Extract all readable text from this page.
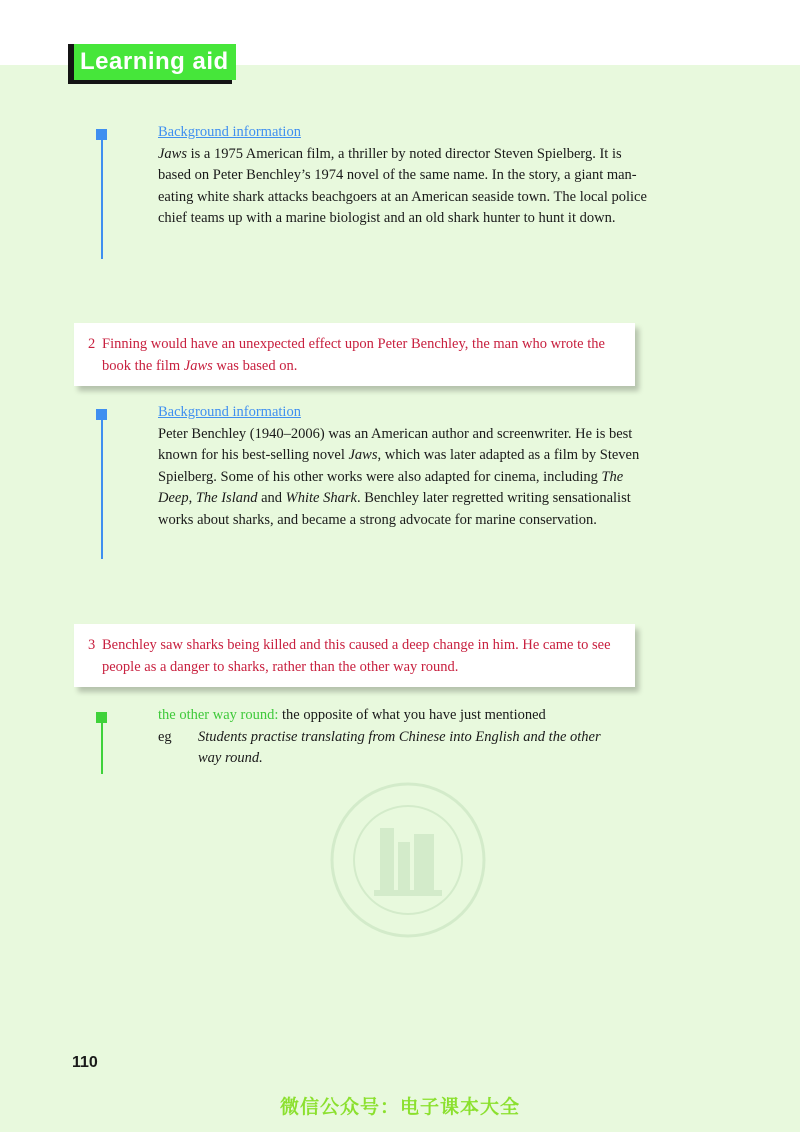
Learning aid
Background information
Jaws is a 1975 American film, a thriller by noted director Steven Spielberg. It is based on Peter Benchley’s 1974 novel of the same name. In the story, a giant man-eating white shark attacks beachgoers at an American seaside town. The local police chief teams up with a marine biologist and an old shark hunter to hunt it down.
2 Finning would have an unexpected effect upon Peter Benchley, the man who wrote the book the film Jaws was based on.
Background information
Peter Benchley (1940–2006) was an American author and screenwriter. He is best known for his best-selling novel Jaws, which was later adapted as a film by Steven Spielberg. Some of his other works were also adapted for cinema, including The Deep, The Island and White Shark. Benchley later regretted writing sensationalist works about sharks, and became a strong advocate for marine conservation.
3 Benchley saw sharks being killed and this caused a deep change in him. He came to see people as a danger to sharks, rather than the other way round.
the other way round: the opposite of what you have just mentioned
eg Students practise translating from Chinese into English and the other way round.
110
微信公众号：电子课本大全
